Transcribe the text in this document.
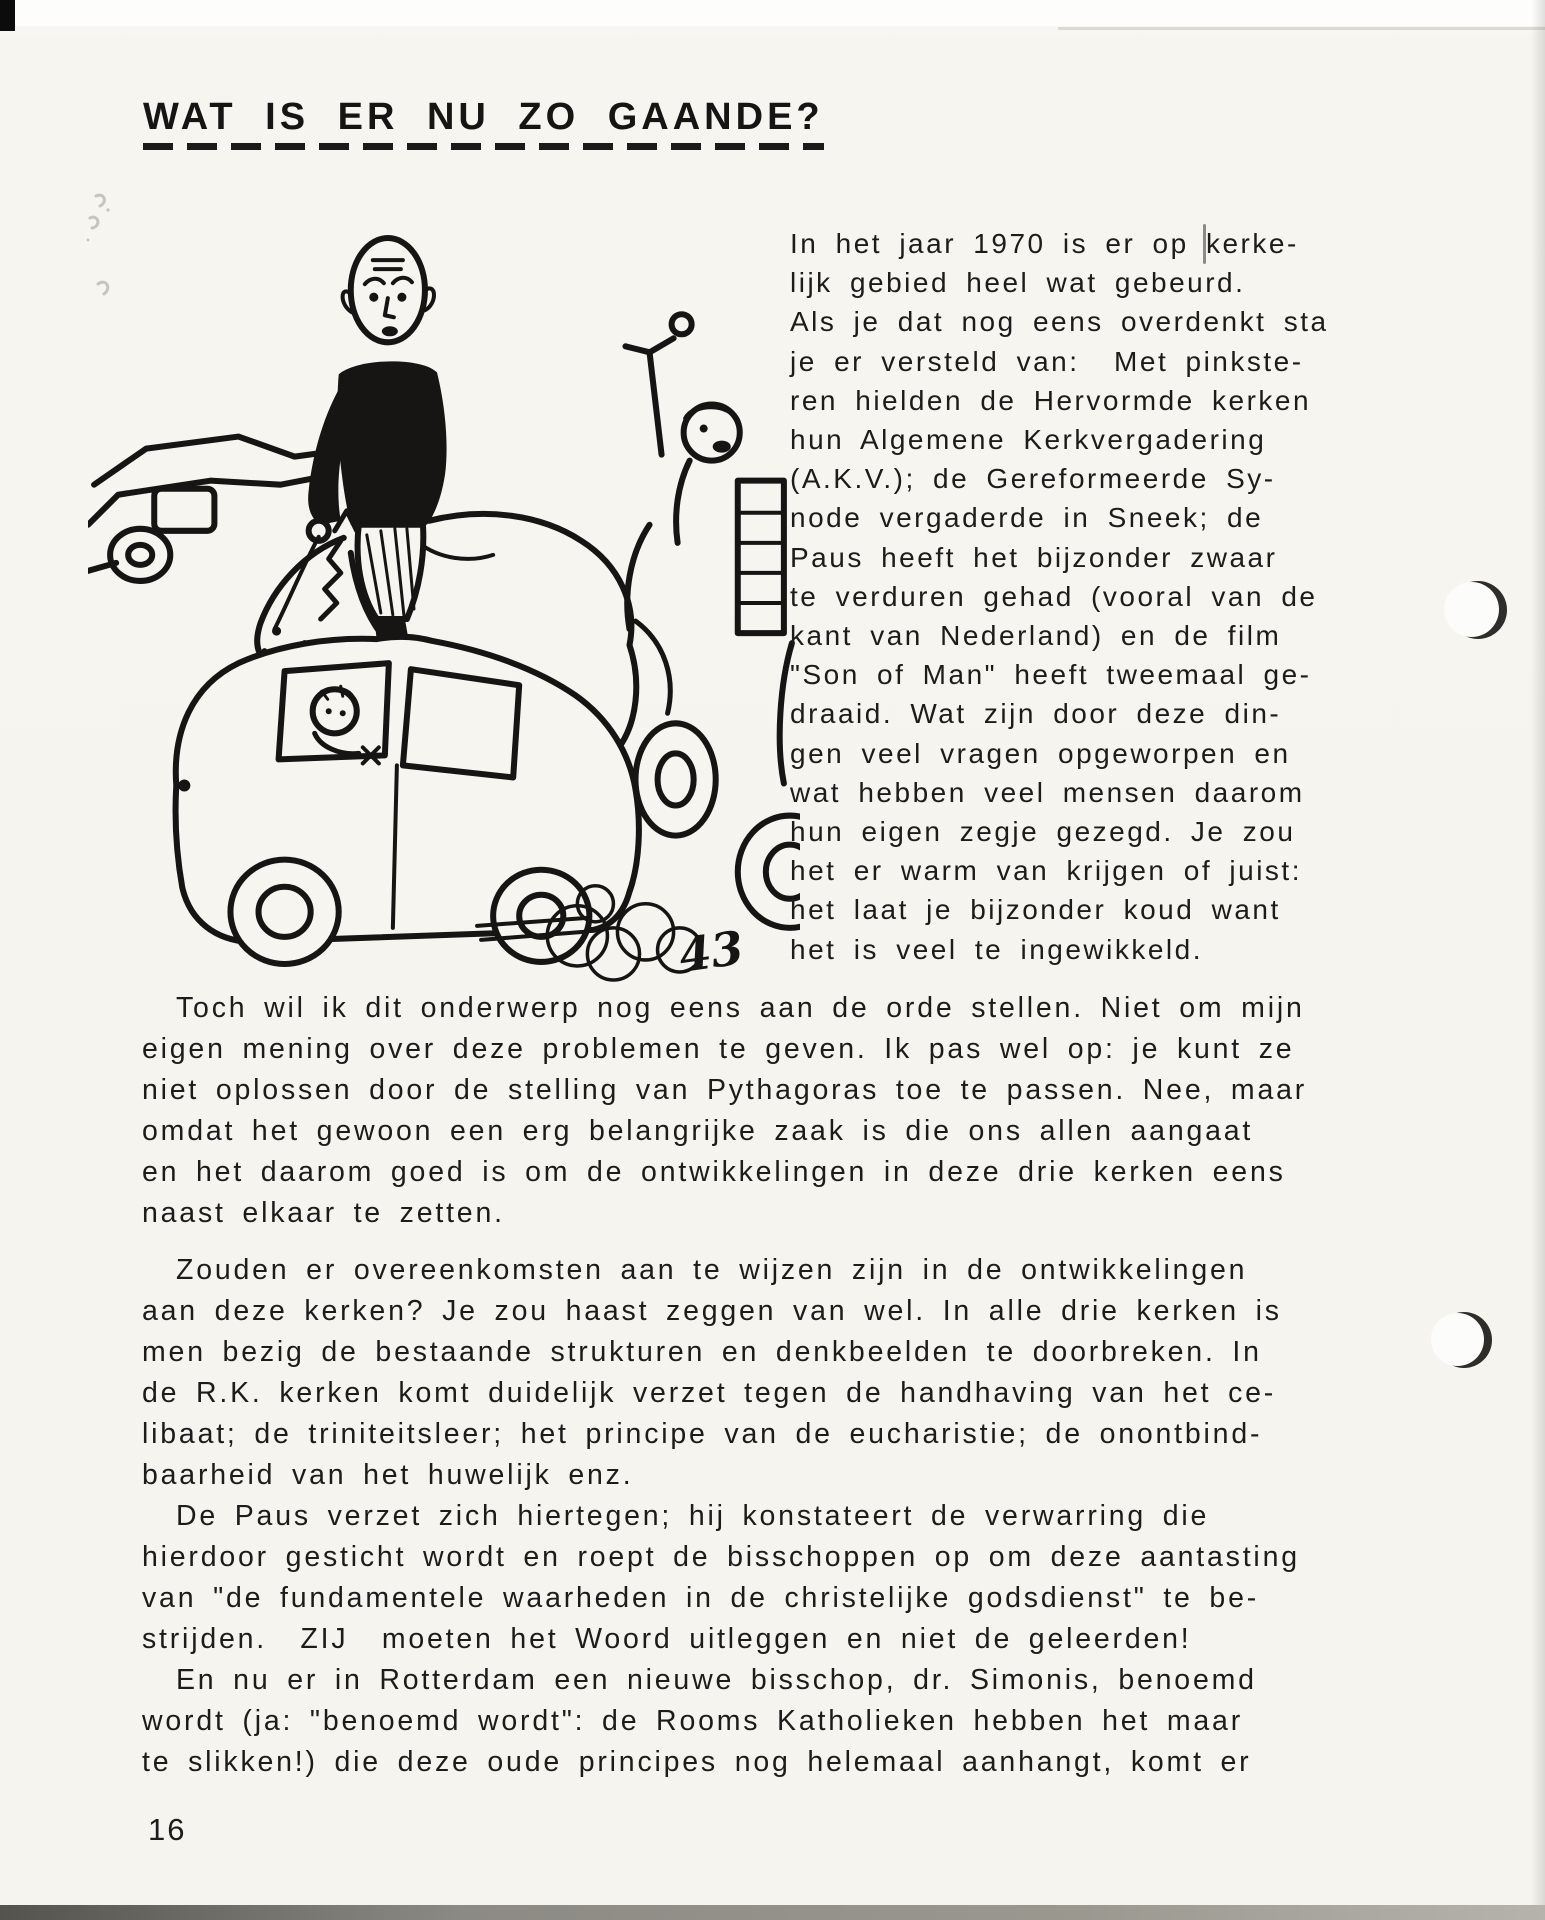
WAT IS ER NU ZO GAANDE?
43
In het jaar 1970 is er op kerke-
lijk gebied heel wat gebeurd.
Als je dat nog eens overdenkt sta
je er versteld van:  Met pinkste-
ren hielden de Hervormde kerken
hun Algemene Kerkvergadering
(A.K.V.); de Gereformeerde Sy-
node vergaderde in Sneek; de
Paus heeft het bijzonder zwaar
te verduren gehad (vooral van de
kant van Nederland) en de film
"Son of Man" heeft tweemaal ge-
draaid. Wat zijn door deze din-
gen veel vragen opgeworpen en
wat hebben veel mensen daarom
hun eigen zegje gezegd. Je zou
het er warm van krijgen of juist:
het laat je bijzonder koud want
het is veel te ingewikkeld.
Toch wil ik dit onderwerp nog eens aan de orde stellen. Niet om mijn
eigen mening over deze problemen te geven. Ik pas wel op: je kunt ze
niet oplossen door de stelling van Pythagoras toe te passen. Nee, maar
omdat het gewoon een erg belangrijke zaak is die ons allen aangaat
en het daarom goed is om de ontwikkelingen in deze drie kerken eens
naast elkaar te zetten.
Zouden er overeenkomsten aan te wijzen zijn in de ontwikkelingen
aan deze kerken? Je zou haast zeggen van wel. In alle drie kerken is
men bezig de bestaande strukturen en denkbeelden te doorbreken. In
de R.K. kerken komt duidelijk verzet tegen de handhaving van het ce-
libaat; de triniteitsleer; het principe van de eucharistie; de onontbind-
baarheid van het huwelijk enz.
De Paus verzet zich hiertegen; hij konstateert de verwarring die
hierdoor gesticht wordt en roept de bisschoppen op om deze aantasting
van "de fundamentele waarheden in de christelijke godsdienst" te be-
strijden.  ZIJ  moeten het Woord uitleggen en niet de geleerden!
En nu er in Rotterdam een nieuwe bisschop, dr. Simonis, benoemd
wordt (ja: "benoemd wordt": de Rooms Katholieken hebben het maar
te slikken!) die deze oude principes nog helemaal aanhangt, komt er
16
